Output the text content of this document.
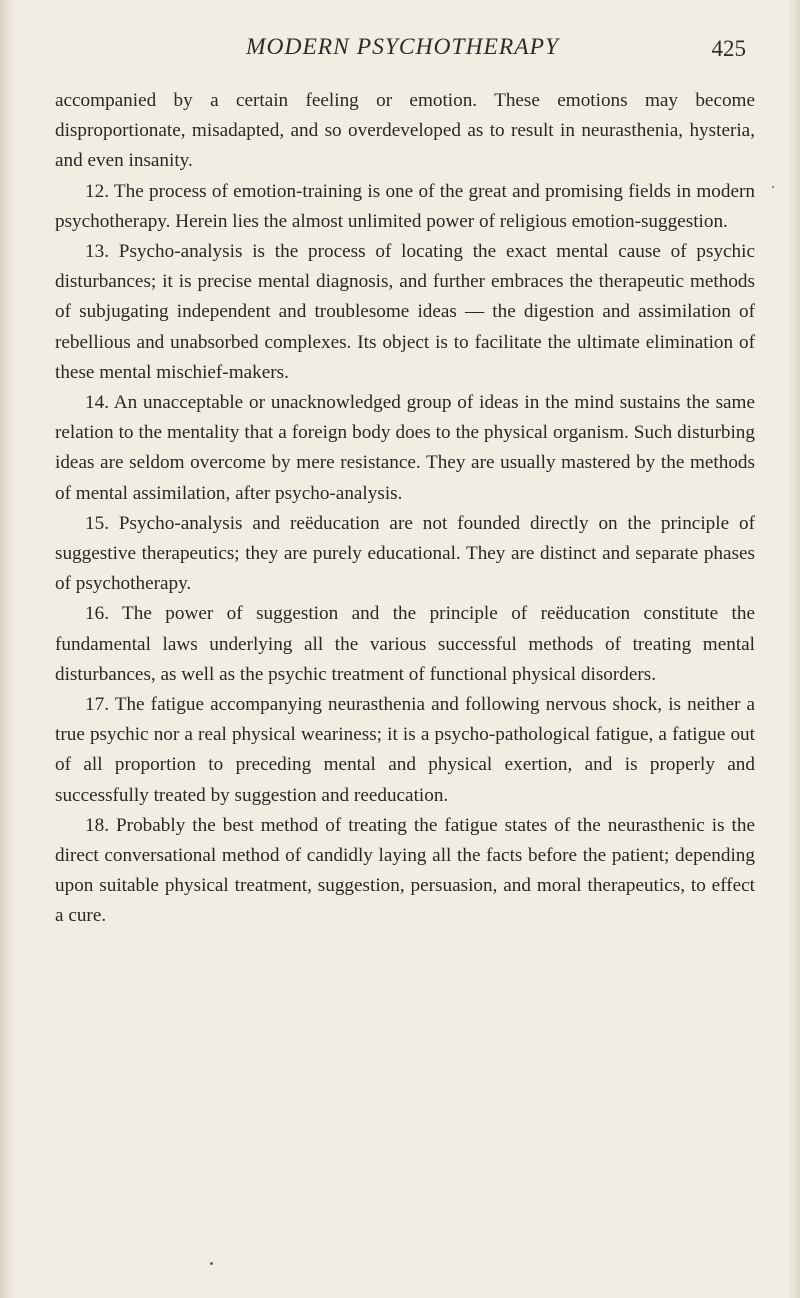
MODERN PSYCHOTHERAPY	425

accompanied by a certain feeling or emotion. These emotions may become disproportionate, misadapted, and so overdeveloped as to result in neurasthenia, hysteria, and even insanity.

12. The process of emotion-training is one of the great and promising fields in modern psychotherapy. Herein lies the almost unlimited power of religious emotion-suggestion.

13. Psycho-analysis is the process of locating the exact mental cause of psychic disturbances; it is precise mental diagnosis, and further embraces the therapeutic methods of subjugating independent and troublesome ideas — the digestion and assimilation of rebellious and unabsorbed complexes. Its object is to facilitate the ultimate elimination of these mental mischief-makers.

14. An unacceptable or unacknowledged group of ideas in the mind sustains the same relation to the mentality that a foreign body does to the physical organism. Such disturbing ideas are seldom overcome by mere resistance. They are usually mastered by the methods of mental assimilation, after psycho-analysis.

15. Psycho-analysis and reëducation are not founded directly on the principle of suggestive therapeutics; they are purely educational. They are distinct and separate phases of psychotherapy.

16. The power of suggestion and the principle of reëducation constitute the fundamental laws underlying all the various successful methods of treating mental disturbances, as well as the psychic treatment of functional physical disorders.

17. The fatigue accompanying neurasthenia and following nervous shock, is neither a true psychic nor a real physical weariness; it is a psycho-pathological fatigue, a fatigue out of all proportion to preceding mental and physical exertion, and is properly and successfully treated by suggestion and reeducation.

18. Probably the best method of treating the fatigue states of the neurasthenic is the direct conversational method of candidly laying all the facts before the patient; depending upon suitable physical treatment, suggestion, persuasion, and moral therapeutics, to effect a cure.
